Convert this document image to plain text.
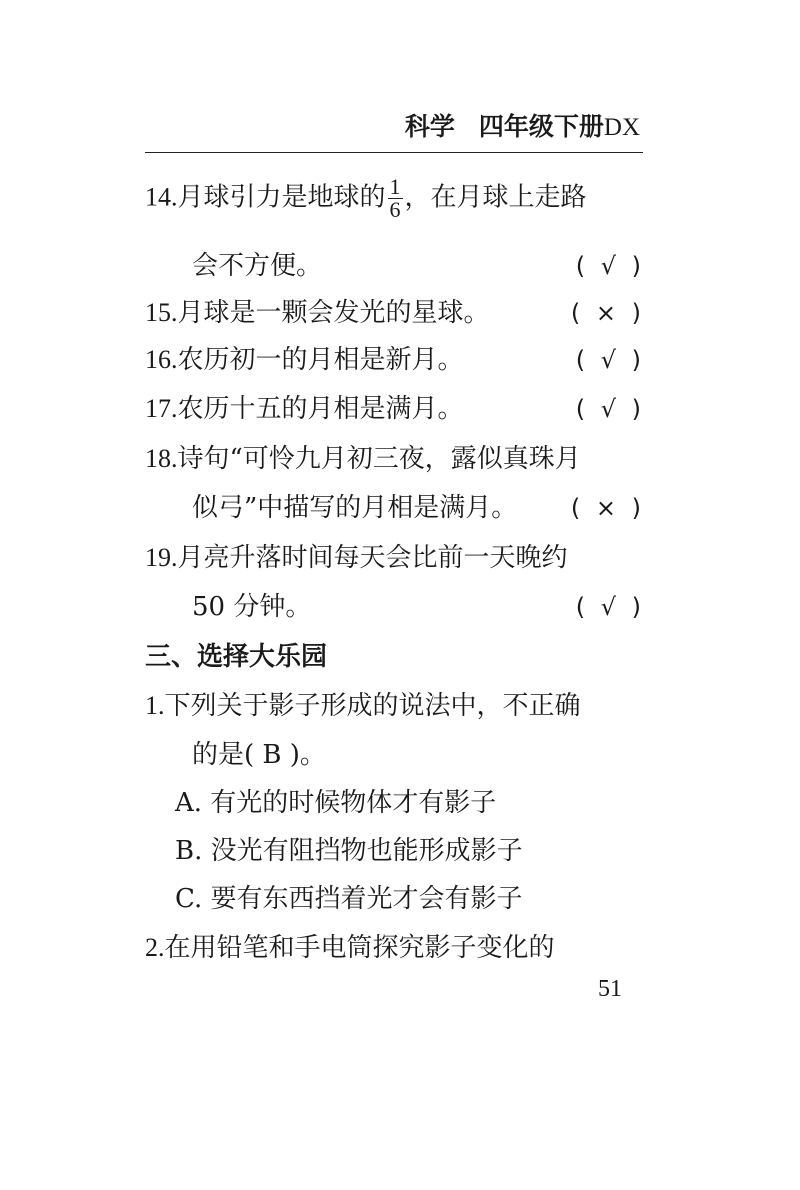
科学 四年级下册DX
14.月球引力是地球的 $\frac{1}{6}$ ，在月球上走路
会不方便。	( √ )
15.月球是一颗会发光的星球。	( × )
16.农历初一的月相是新月。	( √ )
17.农历十五的月相是满月。	( √ )
18.诗句“可怜九月初三夜，露似真珠月
似弓”中描写的月相是满月。 ( × )
19.月亮升落时间每天会比前一天晚约
50 分钟。	( √ )
三、选择大乐园
1.下列关于影子形成的说法中，不正确
的是( B )。
A. 有光的时候物体才有影子
B. 没光有阻挡物也能形成影子
C. 要有东西挡着光才会有影子
2.在用铅笔和手电筒探究影子变化的
51
